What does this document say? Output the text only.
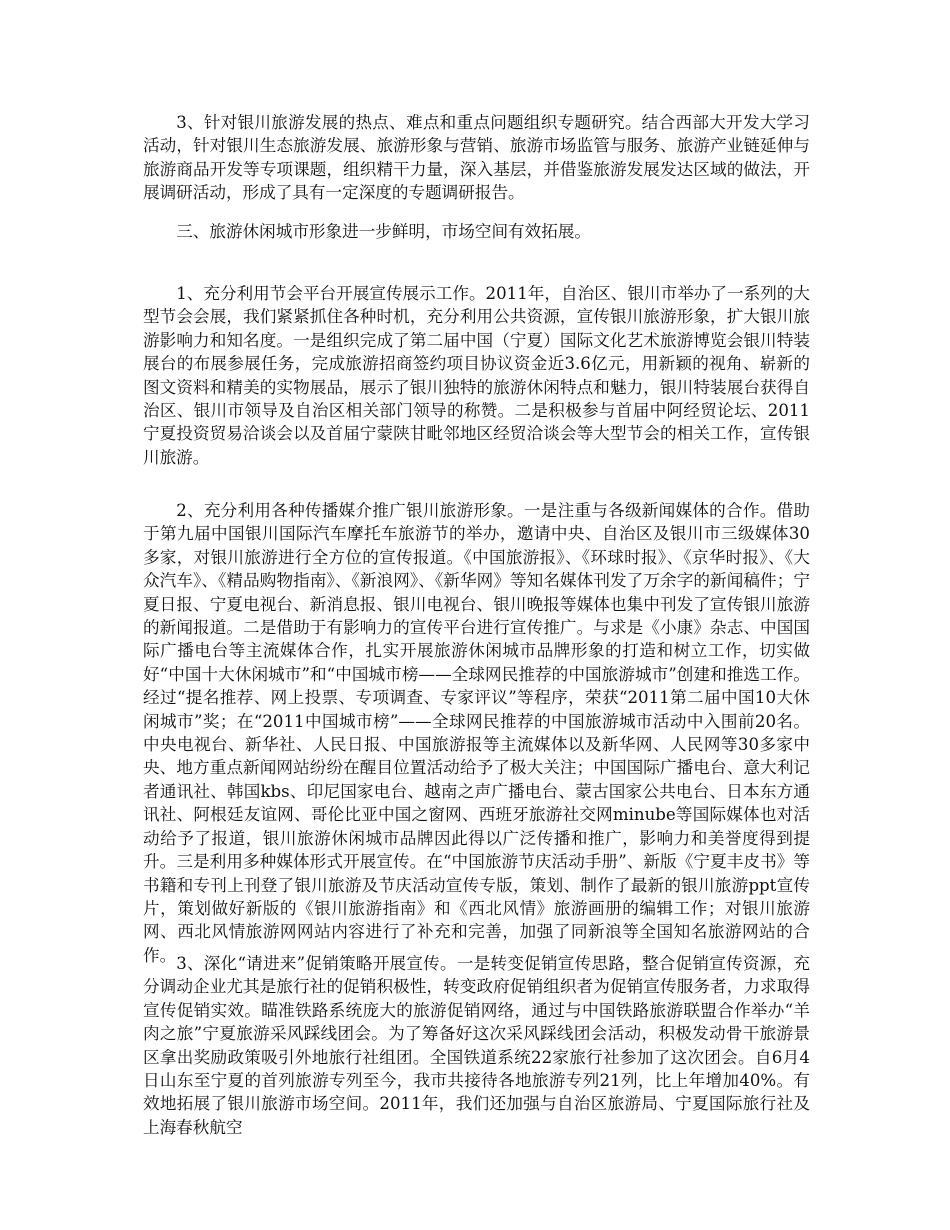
3、针对银川旅游发展的热点、难点和重点问题组织专题研究。结合西部大开发大学习活动，针对银川生态旅游发展、旅游形象与营销、旅游市场监管与服务、旅游产业链延伸与旅游商品开发等专项课题，组织精干力量，深入基层，并借鉴旅游发展发达区域的做法，开展调研活动，形成了具有一定深度的专题调研报告。

三、旅游休闲城市形象进一步鲜明，市场空间有效拓展。

1、充分利用节会平台开展宣传展示工作。2011年，自治区、银川市举办了一系列的大型节会会展，我们紧紧抓住各种时机，充分利用公共资源，宣传银川旅游形象，扩大银川旅游影响力和知名度。一是组织完成了第二届中国（宁夏）国际文化艺术旅游博览会银川特装展台的布展参展任务，完成旅游招商签约项目协议资金近3.6亿元，用新颖的视角、崭新的图文资料和精美的实物展品，展示了银川独特的旅游休闲特点和魅力，银川特装展台获得自治区、银川市领导及自治区相关部门领导的称赞。二是积极参与首届中阿经贸论坛、2011宁夏投资贸易洽谈会以及首届宁蒙陕甘毗邻地区经贸洽谈会等大型节会的相关工作，宣传银川旅游。

2、充分利用各种传播媒介推广银川旅游形象。一是注重与各级新闻媒体的合作。借助于第九届中国银川国际汽车摩托车旅游节的举办，邀请中央、自治区及银川市三级媒体30多家，对银川旅游进行全方位的宣传报道。《中国旅游报》、《环球时报》、《京华时报》、《大众汽车》、《精品购物指南》、《新浪网》、《新华网》等知名媒体刊发了万余字的新闻稿件；宁夏日报、宁夏电视台、新消息报、银川电视台、银川晚报等媒体也集中刊发了宣传银川旅游的新闻报道。二是借助于有影响力的宣传平台进行宣传推广。与求是《小康》杂志、中国国际广播电台等主流媒体合作，扎实开展旅游休闲城市品牌形象的打造和树立工作，切实做好“中国十大休闲城市”和“中国城市榜——全球网民推荐的中国旅游城市”创建和推选工作。经过“提名推荐、网上投票、专项调查、专家评议”等程序，荣获“2011第二届中国10大休闲城市”奖；在“2011中国城市榜”——全球网民推荐的中国旅游城市活动中入围前20名。中央电视台、新华社、人民日报、中国旅游报等主流媒体以及新华网、人民网等30多家中央、地方重点新闻网站纷纷在醒目位置活动给予了极大关注；中国国际广播电台、意大利记者通讯社、韩国kbs、印尼国家电台、越南之声广播电台、蒙古国家公共电台、日本东方通讯社、阿根廷友谊网、哥伦比亚中国之窗网、西班牙旅游社交网minube等国际媒体也对活动给予了报道，银川旅游休闲城市品牌因此得以广泛传播和推广，影响力和美誉度得到提升。三是利用多种媒体形式开展宣传。在“中国旅游节庆活动手册”、新版《宁夏丰皮书》等书籍和专刊上刊登了银川旅游及节庆活动宣传专版，策划、制作了最新的银川旅游ppt宣传片，策划做好新版的《银川旅游指南》和《西北风情》旅游画册的编辑工作；对银川旅游网、西北风情旅游网网站内容进行了补充和完善，加强了同新浪等全国知名旅游网站的合作。 3、深化“请进来”促销策略开展宣传。一是转变促销宣传思路，整合促销宣传资源，充分调动企业尤其是旅行社的促销积极性，转变政府促销组织者为促销宣传服务者，力求取得宣传促销实效。瞄准铁路系统庞大的旅游促销网络，通过与中国铁路旅游联盟合作举办“羊肉之旅”宁夏旅游采风踩线团会。为了筹备好这次采风踩线团会活动，积极发动骨干旅游景区拿出奖励政策吸引外地旅行社组团。全国铁道系统22家旅行社参加了这次团会。自6月4日山东至宁夏的首列旅游专列至今，我市共接待各地旅游专列21列，比上年增加40%。有效地拓展了银川旅游市场空间。2011年，我们还加强与自治区旅游局、宁夏国际旅行社及上海春秋航空
